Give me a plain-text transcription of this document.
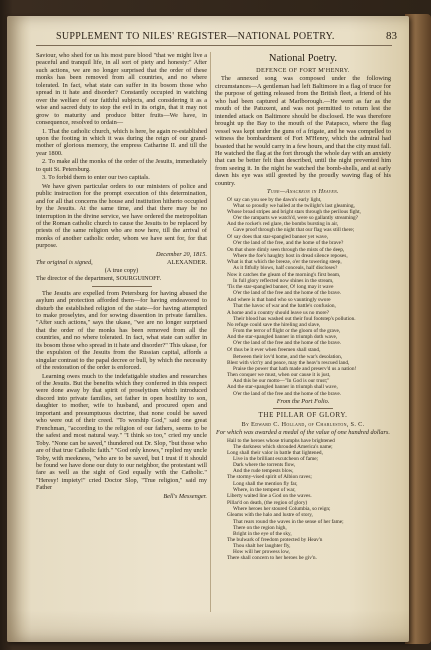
SUPPLEMENT TO NILES' REGISTER—NATIONAL POETRY.	83

Saviour, who shed for us his most pure blood "that we might live a peaceful and tranquil life, in all sort of piety and honesty:" After such actions, we are no longer surprised that the order of these monks has been removed from all countries, and no where tolerated. In fact, what state can suffer in its bosom those who spread in it hate and disorder? Constantly occupied in watching over the welfare of our faithful subjects, and considering it as a wise and sacred duty to stop the evil in its origin, that it may not grow to maturity and produce bitter fruits—We have, in consequence, resolved to ordain—

1. That the catholic church, which is here, be again re-established upon the footing in which it was during the reign of our grand-mother of glorious memory, the empress Catharine II. and till the year 1800.

2. To make all the monks of the order of the Jesuits, immediately to quit St. Petersburg.

3. To forbid them to enter our two capitals.

We have given particular orders to our ministers of police and public instruction for the prompt execution of this determination, and for all that concerns the house and institution hitherto occupied by the Jesuits. At the same time, and that there may be no interruption in the divine service, we have ordered the metropolitan of the Roman catholic church to cause the Jesuits to be replaced by priests of the same religion who are now here, till the arrival of monks of another catholic order, whom we have sent for, for that purpose.

December 20, 1815.

The original is signed,	ALEXANDER.

(A true copy)

The director of the department, SOURGUINOFF.

The Jesuits are expelled from Petersburg for having abused the asylum and protection afforded them—for having endeavored to disturb the established religion of the state—for having attempted to make proselytes, and for sowing dissention in private families. "After such actions," says the ukase, "we are no longer surprised that the order of the monks has been removed from all the countries, and no where tolerated. In fact, what state can suffer in its bosom those who spread in it hate and disorder?" This ukase, for the expulsion of the Jesuits from the Russian capital, affords a singular contrast to the papal decree or bull, by which the necessity of the restoration of the order is enforced.

Learning owes much to the indefatigable studies and researches of the Jesuits. But the benefits which they conferred in this respect were done away by that spirit of proselytism which introduced discord into private families, set father in open hostility to son, daughter to mother, wife to husband, and procured open and important and presumptuous doctrine, that none could be saved who were out of their creed. "To worship God," said one great Frenchman, "according to the religion of our fathers, seems to be the safest and most natural way." "I think so too," cried my uncle Toby. "None can be saved," thundered out Dr. Slop, "but those who are of that true Catholic faith." "God only knows," replied my uncle Toby, with meekness, "who are to be saved, but I trust if it should be found we have done our duty to our neighbor, the protestant will fare as well as the sight of God equally with the Catholic." "Heresy! impiety!" cried Doctor Slop, "True religion," said my Father

Bell's Messenger.

National Poetry.
DEFENCE OF FORT M'HENRY.

The annexed song was composed under the following circumstances—A gentleman had left Baltimore in a flag of truce for the purpose of getting released from the British fleet, a friend of his who had been captured at Marlborough.—He went as far as the mouth of the Patuxent, and was not permitted to return lest the intended attack on Baltimore should be disclosed. He was therefore brought up the Bay to the mouth of the Patapsco, where the flag vessel was kept under the guns of a frigate, and he was compelled to witness the bombardment of Fort M'Henry, which the admiral had boasted that he would carry in a few hours, and that the city must fall. He watched the flag at the fort through the whole day with an anxiety that can be better felt than described, until the night prevented him from seeing it. In the night he watched the bomb-shells, and at early dawn his eye was still greeted by the proudly waving flag of his country.

Tune—Anacreon in Heaven.

O! say can you see by the dawn's early light,
What so proudly we hailed at the twilight's last gleaming,
Whose broad stripes and bright stars through the perilous fight,
O'er the ramparts we watch'd, were so gallantly streaming?
And the rocket's red glare, the bombs bursting in air,
Gave proof through the night that our flag was still there;
O! say does that star-spangled banner yet wave,
O'er the land of the free, and the home of the brave?
On that shore dimly seen through the mists of the deep,
Where the foe's haughty host in dread silence reposes,
What is that which the breeze, o'er the towering steep,
As it fitfully blows, half conceals, half discloses?
Now it catches the gleam of the morning's first beam,
In full glory reflected now shines in the stream,
'Tis the star-spangled banner, O! long may it wave
O'er the land of the free and the home of the brave.
And where is that band who so vauntingly swore
That the havoc of war and the battle's confusion,
A home and a country should leave us no more?
Their blood has washed out their foul footstep's pollution.
No refuge could save the hireling and slave,
From the terror of flight or the gloom of the grave,
And the star-spangled banner in triumph doth wave,
O'er the land of the free and the home of the brave.
O! thus be it ever when freemen shall stand,
Between their lov'd home, and the war's desolation,
Blest with vict'ry and peace, may the heav'n rescued land,
Praise the power that hath made and preserv'd us a nation!
Then conquer we must, when our cause it is just,
And this be our motto—"In God is our trust;"
And the star-spangled banner in triumph shall wave,
O'er the land of the free and the home of the brave.

From the Port Folio.

THE PILLAR OF GLORY.

By Edward C. Holland, of Charleston, S. C.

For which was awarded a medal of the value of one hundred dollars.

Hail to the heroes whose triumphs have brightened
The darkness which shrouded America's name;
Long shall their valor in battle that lightened,
Live in the brilliant escutcheon of fame;
Dark where the torrents flow,
And the rude tempests blow,
The stormy-vised spirit of Albion raves;
Long shall the mention fly far,
Where, in the tempest of war,
Liberty waited line a God on the waves.
Pillar'd on death, (the region of glory)
Where heroes her stoured Columbia, so reign;
Gleams with the halo and lustre of story,
That rears round the waves in the sense of her fame;
There on the region high,
Bright in the eye of the sky,
The bulwark of freedom protected by Heav'n
Thou shalt her laughter fly,
How will her prowess low,
There shall concern to her heroes be giv'n.
